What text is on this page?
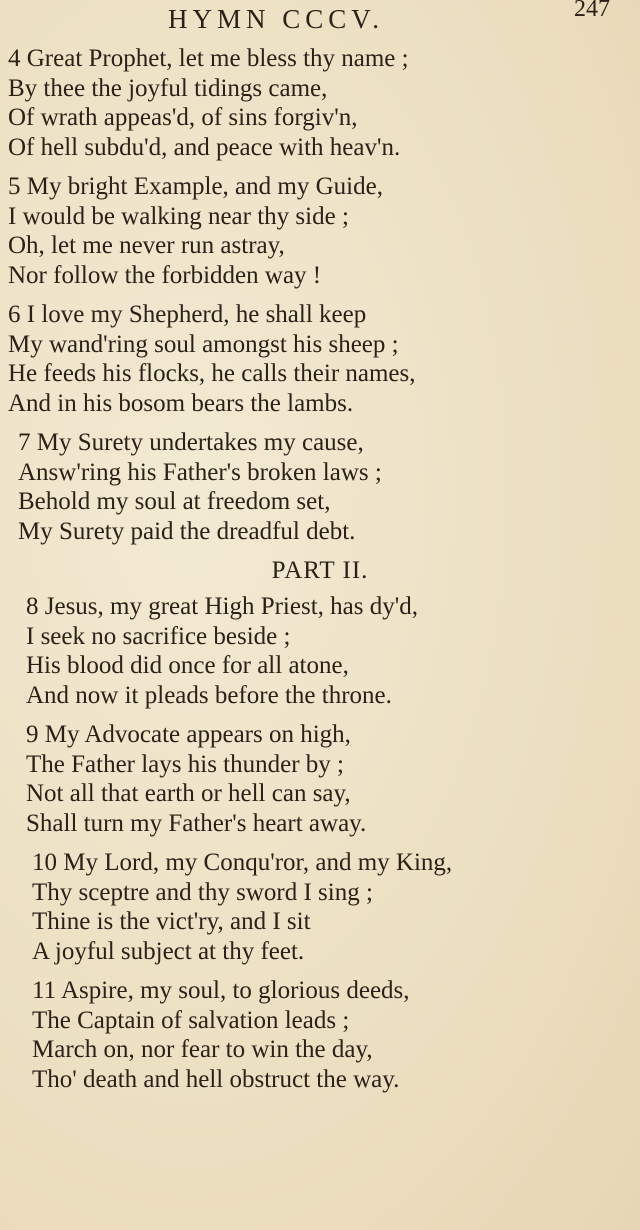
HYMN CCCV.	247
4 Great Prophet, let me bless thy name ;
By thee the joyful tidings came,
Of wrath appeas'd, of sins forgiv'n,
Of hell subdu'd, and peace with heav'n.
5 My bright Example, and my Guide,
I would be walking near thy side ;
Oh, let me never run astray,
Nor follow the forbidden way !
6 I love my Shepherd, he shall keep
My wand'ring soul amongst his sheep ;
He feeds his flocks, he calls their names,
And in his bosom bears the lambs.
7 My Surety undertakes my cause,
Answ'ring his Father's broken laws ;
Behold my soul at freedom set,
My Surety paid the dreadful debt.
PART II.
8 Jesus, my great High Priest, has dy'd,
I seek no sacrifice beside ;
His blood did once for all atone,
And now it pleads before the throne.
9 My Advocate appears on high,
The Father lays his thunder by ;
Not all that earth or hell can say,
Shall turn my Father's heart away.
10 My Lord, my Conqu'ror, and my King,
Thy sceptre and thy sword I sing ;
Thine is the vict'ry, and I sit
A joyful subject at thy feet.
11 Aspire, my soul, to glorious deeds,
The Captain of salvation leads ;
March on, nor fear to win the day,
Tho' death and hell obstruct the way.
